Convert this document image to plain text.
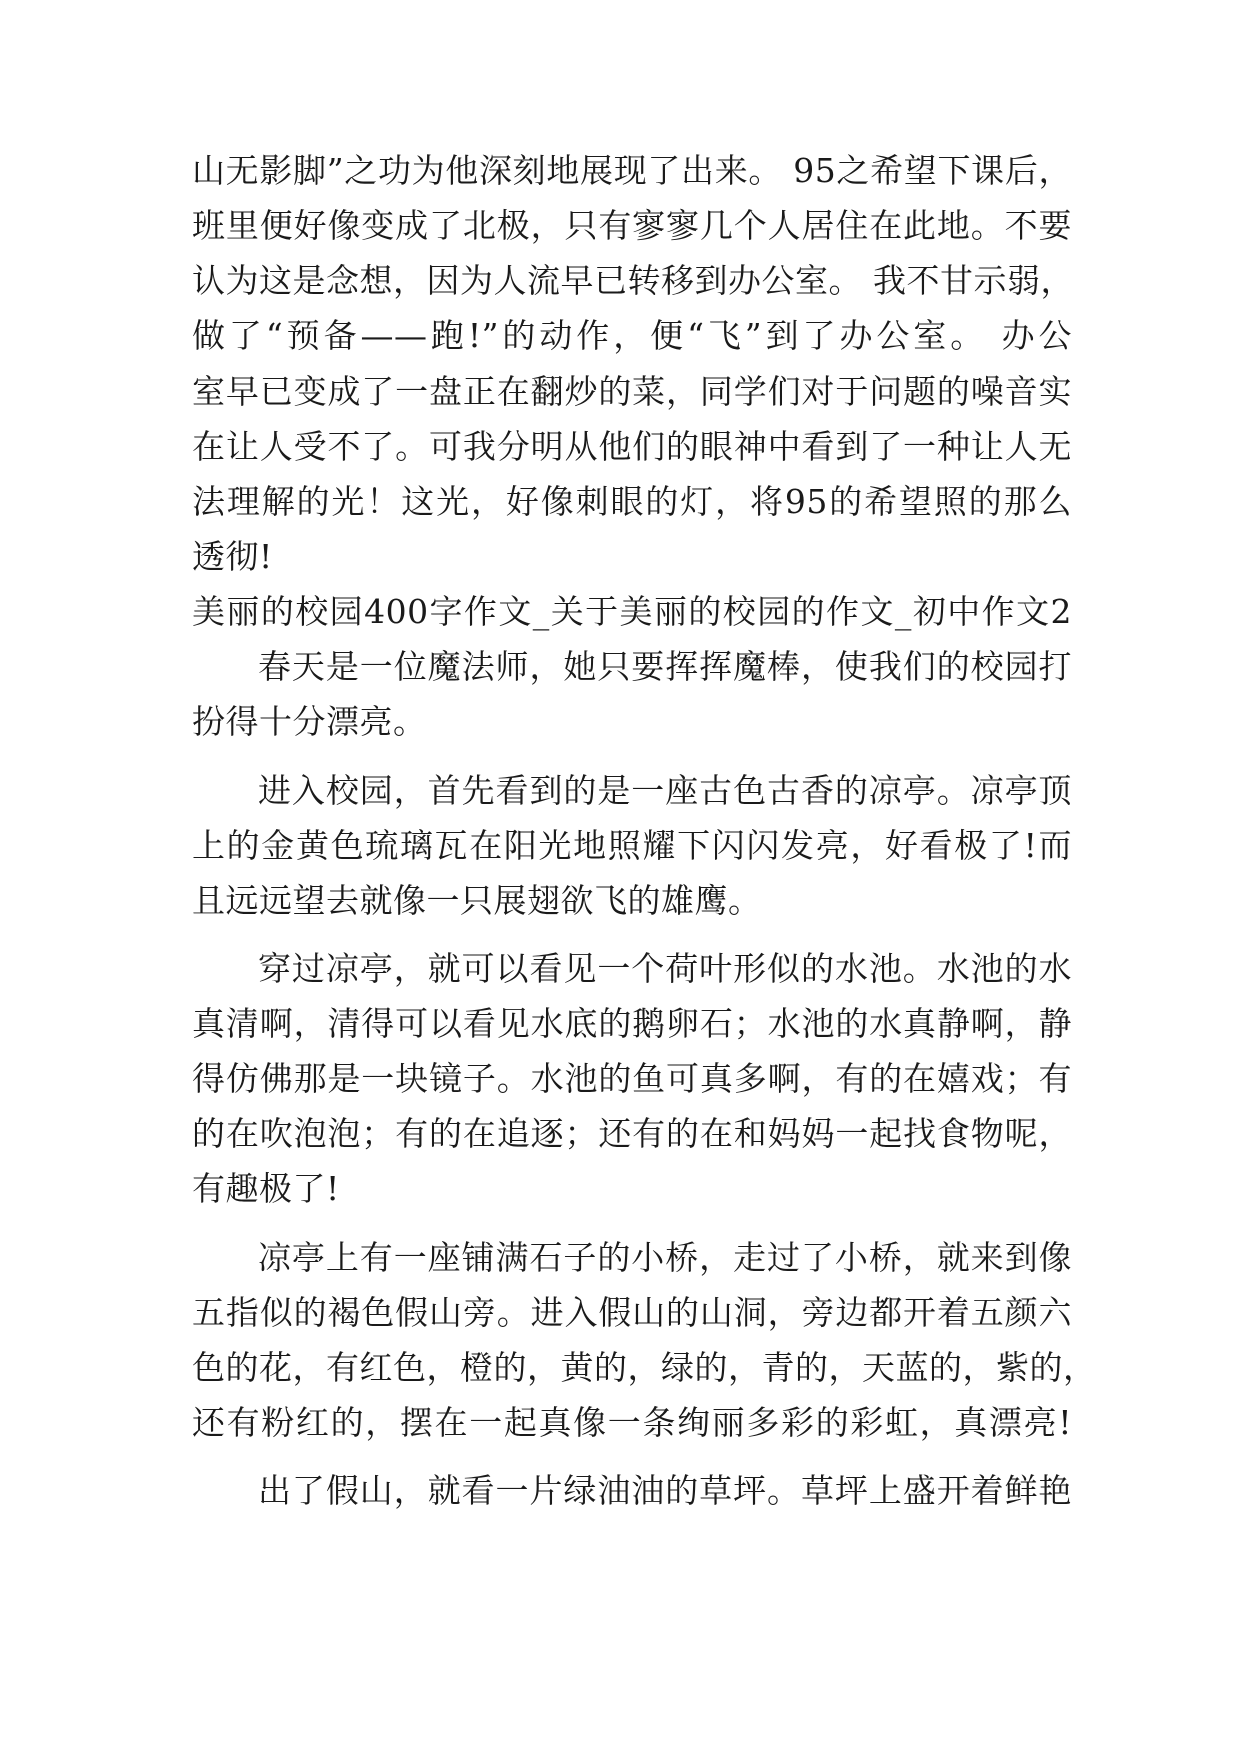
山无影脚”之功为他深刻地展现了出来。 95之希望下课后，
班里便好像变成了北极，只有寥寥几个人居住在此地。不要
认为这是念想，因为人流早已转移到办公室。 我不甘示弱，
做了“预备——跑!”的动作，便“飞”到了办公室。 办公
室早已变成了一盘正在翻炒的菜，同学们对于问题的噪音实
在让人受不了。可我分明从他们的眼神中看到了一种让人无
法理解的光！这光，好像刺眼的灯，将95的希望照的那么
透彻!
美丽的校园400字作文_关于美丽的校园的作文_初中作文2
春天是一位魔法师，她只要挥挥魔棒，使我们的校园打
扮得十分漂亮。
进入校园，首先看到的是一座古色古香的凉亭。凉亭顶
上的金黄色琉璃瓦在阳光地照耀下闪闪发亮，好看极了!而
且远远望去就像一只展翅欲飞的雄鹰。
穿过凉亭，就可以看见一个荷叶形似的水池。水池的水
真清啊，清得可以看见水底的鹅卵石；水池的水真静啊，静
得仿佛那是一块镜子。水池的鱼可真多啊，有的在嬉戏；有
的在吹泡泡；有的在追逐；还有的在和妈妈一起找食物呢，
有趣极了!
凉亭上有一座铺满石子的小桥，走过了小桥，就来到像
五指似的褐色假山旁。进入假山的山洞，旁边都开着五颜六
色的花，有红色，橙的，黄的，绿的，青的，天蓝的，紫的，
还有粉红的，摆在一起真像一条绚丽多彩的彩虹，真漂亮!
出了假山，就看一片绿油油的草坪。草坪上盛开着鲜艳
